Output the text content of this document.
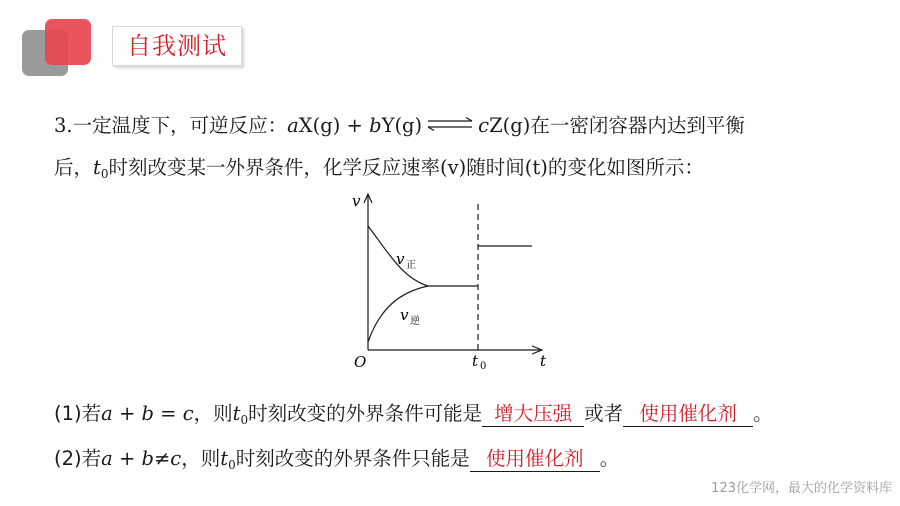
自我测试
3.一定温度下，可逆反应：aX(g) + bY(g) ⇌ cZ(g)在一密闭容器内达到平衡
后，$t_0$时刻改变某一外界条件，化学反应速率(v)随时间(t)的变化如图所示：
v
t
O
v 正
v 逆
t 0
(1)若a + b = c，则$t_0$时刻改变的外界条件可能是 增大压强 或者 使用催化剂 。
(2)若a + b≠c，则$t_0$时刻改变的外界条件只能是 使用催化剂 。
123化学网，最大的化学资料库
